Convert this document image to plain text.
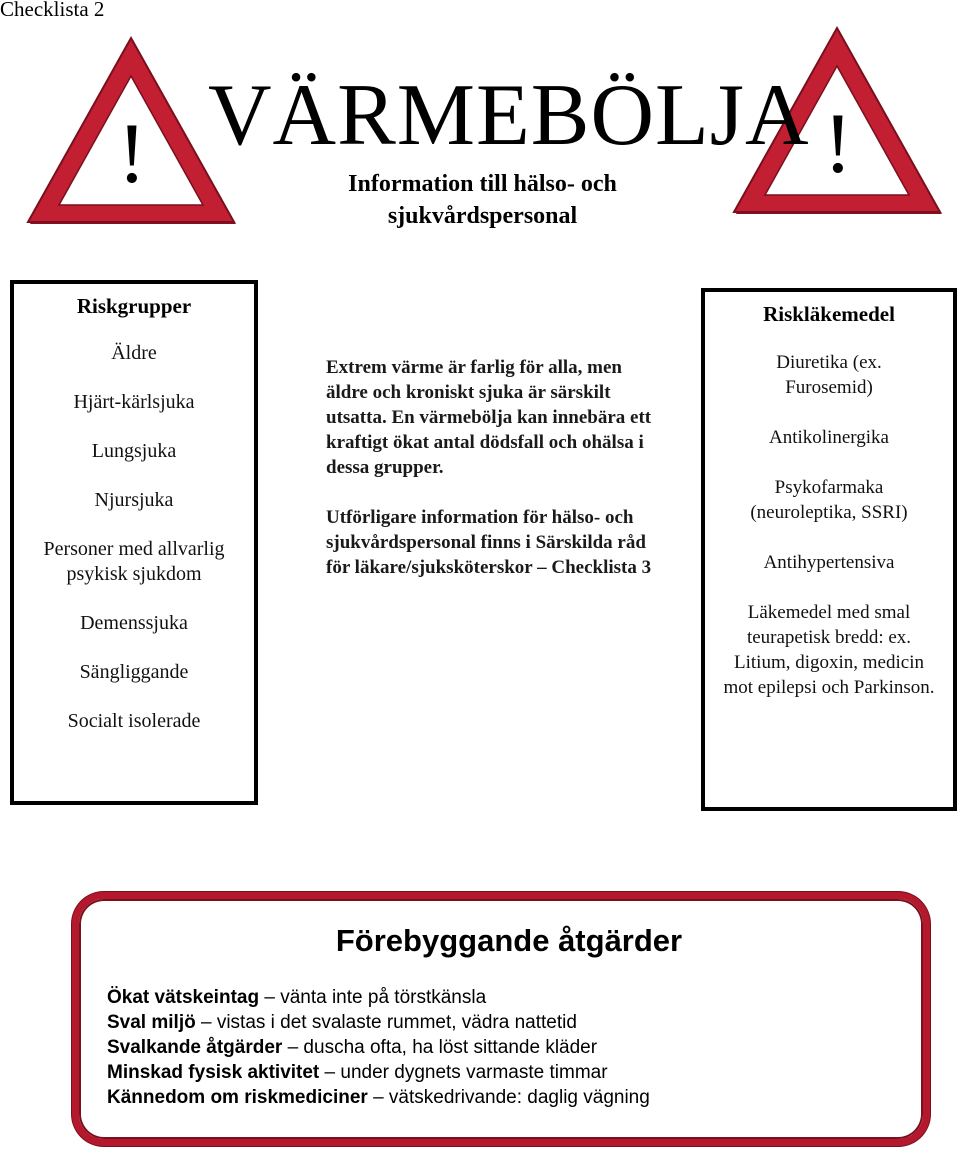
Checklista 2
!	!
VÄRMEBÖLJA
Information till hälso- och sjukvårdspersonal
Riskgrupper
Äldre
Hjärt-kärlsjuka
Lungsjuka
Njursjuka
Personer med allvarlig psykisk sjukdom
Demenssjuka
Sängliggande
Socialt isolerade

Extrem värme är farlig för alla, men äldre och kroniskt sjuka är särskilt utsatta. En värmebölja kan innebära ett kraftigt ökat antal dödsfall och ohälsa i dessa grupper.

Utförligare information för hälso- och sjukvårdspersonal finns i Särskilda råd för läkare/sjuksköterskor – Checklista 3

Riskläkemedel
Diuretika (ex. Furosemid)
Antikolinergika
Psykofarmaka (neuroleptika, SSRI)
Antihypertensiva
Läkemedel med smal teurapetisk bredd: ex. Litium, digoxin, medicin mot epilepsi och Parkinson.
Förebyggande åtgärder
Ökat vätskeintag – vänta inte på törstkänsla
Sval miljö – vistas i det svalaste rummet, vädra nattetid
Svalkande åtgärder – duscha ofta, ha löst sittande kläder
Minskad fysisk aktivitet – under dygnets varmaste timmar
Kännedom om riskmediciner – vätskedrivande: daglig vägning
